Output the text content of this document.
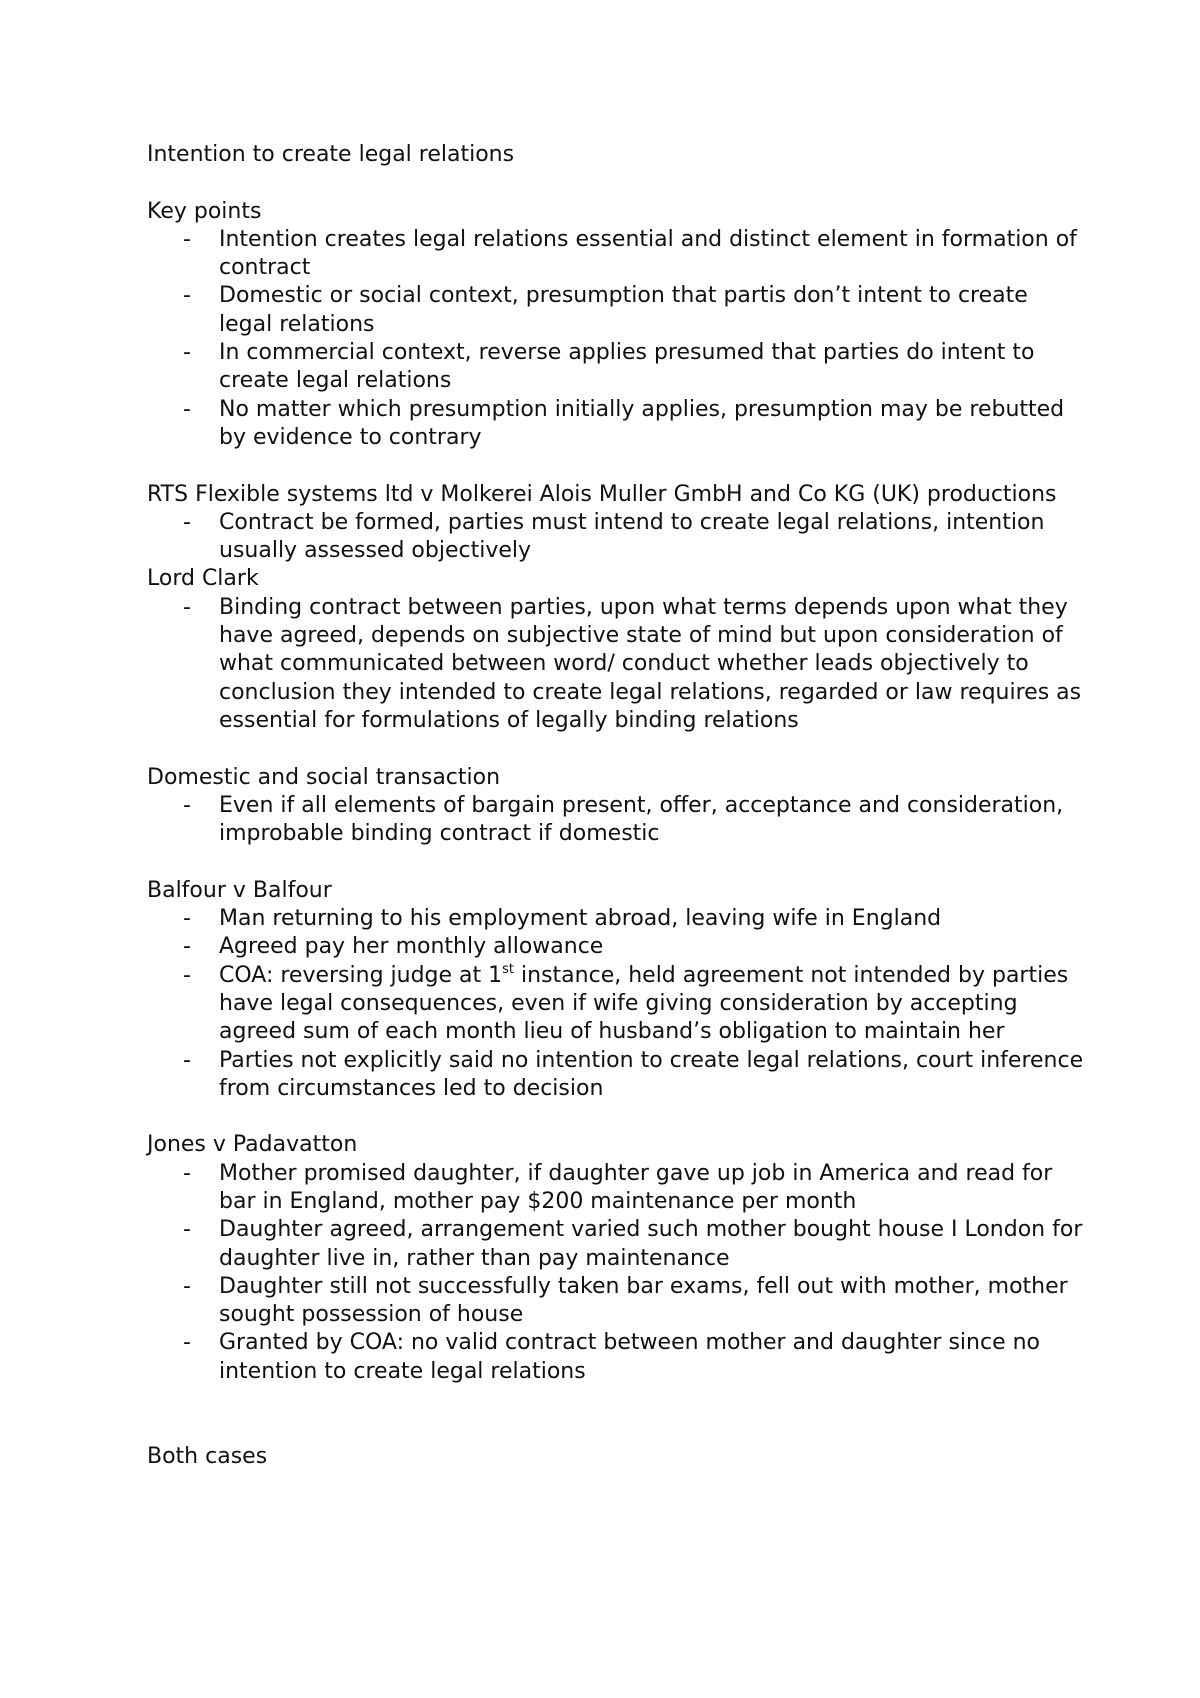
Intention to create legal relations

Key points

- Intention creates legal relations essential and distinct element in formation of contract
- Domestic or social context, presumption that partis don’t intent to create legal relations
- In commercial context, reverse applies presumed that parties do intent to create legal relations
- No matter which presumption initially applies, presumption may be rebutted by evidence to contrary

RTS Flexible systems ltd v Molkerei Alois Muller GmbH and Co KG (UK) productions

- Contract be formed, parties must intend to create legal relations, intention usually assessed objectively

Lord Clark

- Binding contract between parties, upon what terms depends upon what they have agreed, depends on subjective state of mind but upon consideration of what communicated between word/ conduct whether leads objectively to conclusion they intended to create legal relations, regarded or law requires as essential for formulations of legally binding relations

Domestic and social transaction

- Even if all elements of bargain present, offer, acceptance and consideration, improbable binding contract if domestic

Balfour v Balfour

- Man returning to his employment abroad, leaving wife in England
- Agreed pay her monthly allowance
- COA: reversing judge at 1st instance, held agreement not intended by parties have legal consequences, even if wife giving consideration by accepting agreed sum of each month lieu of husband’s obligation to maintain her
- Parties not explicitly said no intention to create legal relations, court inference from circumstances led to decision

Jones v Padavatton

- Mother promised daughter, if daughter gave up job in America and read for bar in England, mother pay $200 maintenance per month
- Daughter agreed, arrangement varied such mother bought house I London for daughter live in, rather than pay maintenance
- Daughter still not successfully taken bar exams, fell out with mother, mother sought possession of house
- Granted by COA: no valid contract between mother and daughter since no intention to create legal relations

Both cases
